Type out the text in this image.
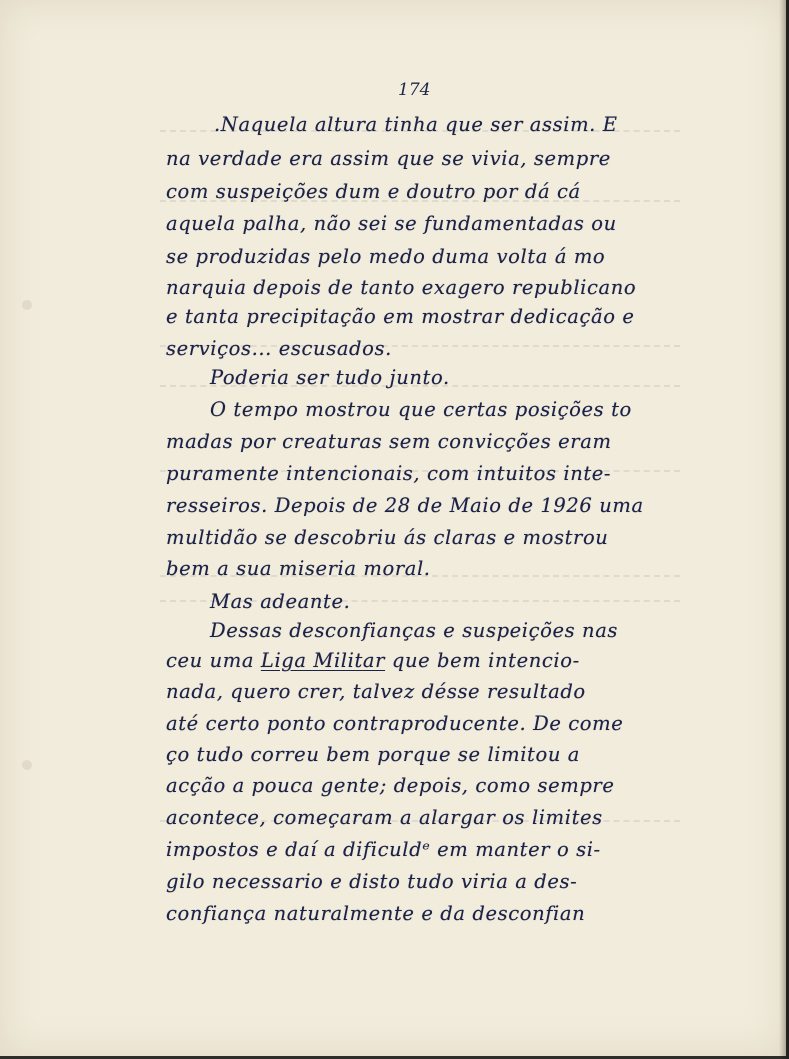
174
.Naquela altura tinha que ser assim. E
na verdade era assim que se vivia, sempre
com suspeições dum e doutro por dá cá
aquela palha, não sei se fundamentadas ou
se produzidas pelo medo duma volta á mo
narquia depois de tanto exagero republicano
e tanta precipitação em mostrar dedicação e
serviços... escusados.
Poderia ser tudo junto.
O tempo mostrou que certas posições to
madas por creaturas sem convicções eram
puramente intencionais, com intuitos inte-
resseiros. Depois de 28 de Maio de 1926 uma
multidão se descobriu ás claras e mostrou
bem a sua miseria moral.
Mas adeante.
Dessas desconfianças e suspeições nas
ceu uma Liga Militar que bem intencio-
nada, quero crer, talvez désse resultado
até certo ponto contraproducente. De come
ço tudo correu bem porque se limitou a
acção a pouca gente; depois, como sempre
acontece, começaram a alargar os limites
impostos e daí a dificuldᵉ em manter o si-
gilo necessario e disto tudo viria a des-
confiança naturalmente e da desconfian
